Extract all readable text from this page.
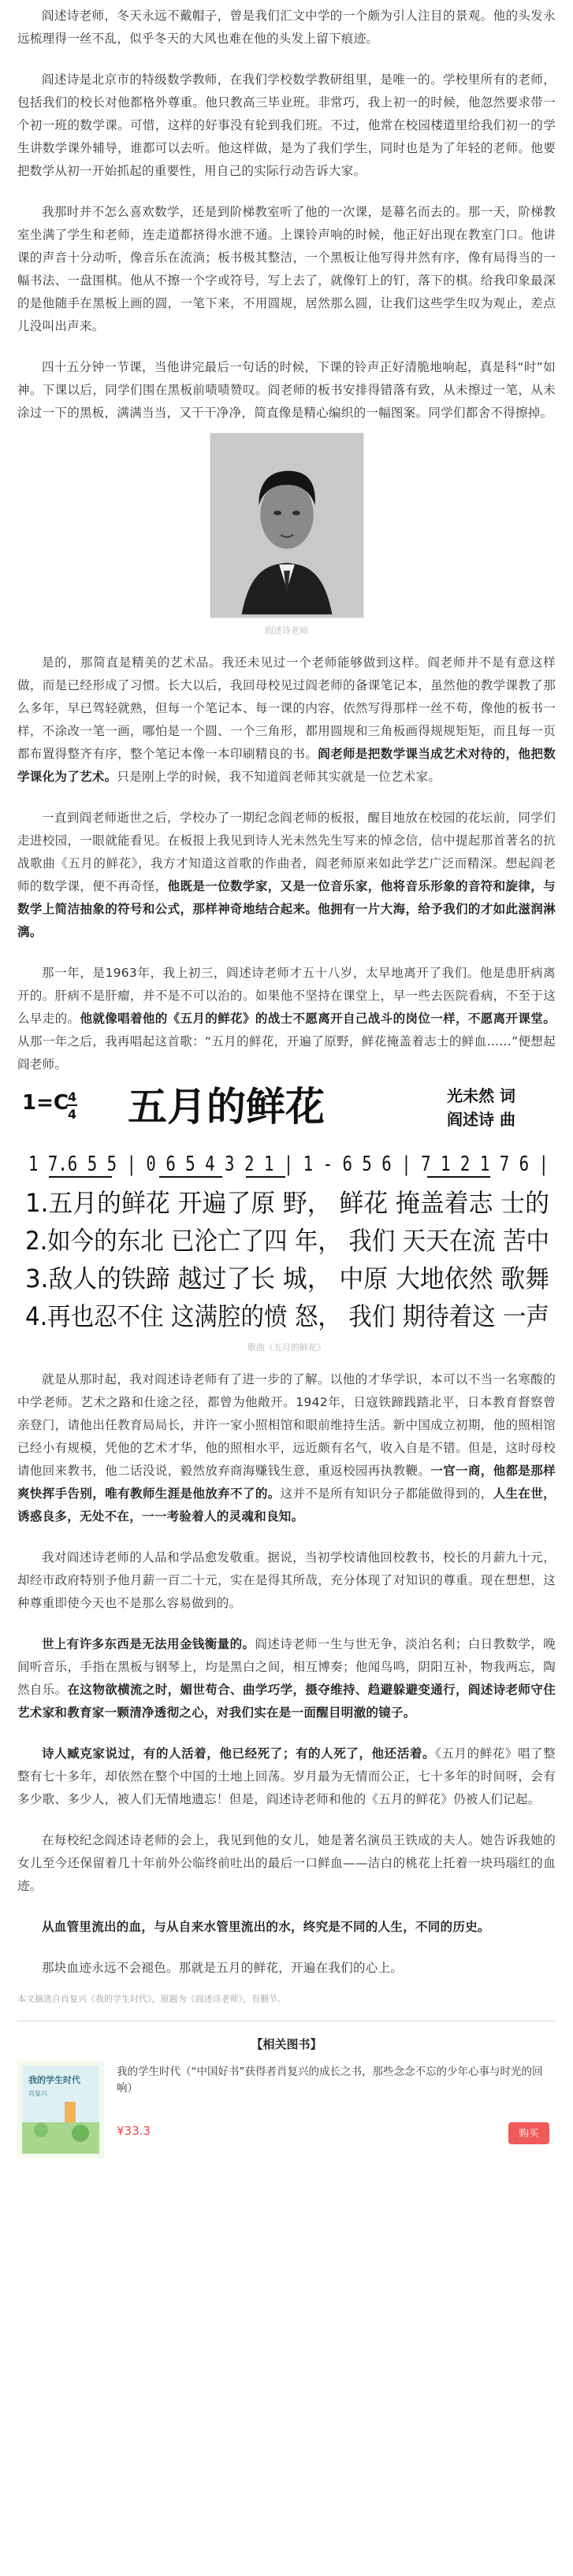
阎述诗老师，冬天永远不戴帽子，曾是我们汇文中学的一个颇为引人注目的景观。他的头发永远梳理得一丝不乱，似乎冬天的大风也难在他的头发上留下痕迹。

阎述诗是北京市的特级数学教师，在我们学校数学教研组里，是唯一的。学校里所有的老师，包括我们的校长对他都格外尊重。他只教高三毕业班。非常巧，我上初一的时候，他忽然要求带一个初一班的数学课。可惜，这样的好事没有轮到我们班。不过，他常在校园楼道里给我们初一的学生讲数学课外辅导，谁都可以去听。他这样做，是为了我们学生，同时也是为了年轻的老师。他要把数学从初一开始抓起的重要性，用自己的实际行动告诉大家。

我那时并不怎么喜欢数学，还是到阶梯教室听了他的一次课，是幕名而去的。那一天，阶梯教室坐满了学生和老师，连走道都挤得水泄不通。上课铃声响的时候，他正好出现在教室门口。他讲课的声音十分动听，像音乐在流淌；板书极其整洁，一个黑板让他写得井然有序，像有局得当的一幅书法、一盘围棋。他从不擦一个字或符号，写上去了，就像钉上的钉，落下的棋。给我印象最深的是他随手在黑板上画的圆，一笔下来，不用圆规，居然那么圆，让我们这些学生叹为观止，差点儿没叫出声来。

四十五分钟一节课，当他讲完最后一句话的时候，下课的铃声正好清脆地响起，真是科“时”如神。下课以后，同学们围在黑板前啧啧赞叹。阎老师的板书安排得错落有致，从未擦过一笔，从未涂过一下的黑板，满满当当，又干干净净，简直像是精心编织的一幅图案。同学们都舍不得擦掉。

阎述诗老师

是的，那简直是精美的艺术品。我还未见过一个老师能够做到这样。阎老师并不是有意这样做，而是已经形成了习惯。长大以后，我回母校见过阎老师的备课笔记本，虽然他的教学课教了那么多年，早已驾轻就熟，但每一个笔记本、每一课的内容，依然写得那样一丝不苟，像他的板书一样，不涂改一笔一画，哪怕是一个圆、一个三角形，都用圆规和三角板画得规规矩矩，而且每一页都布置得整齐有序，整个笔记本像一本印刷精良的书。阎老师是把数学课当成艺术对待的，他把数学课化为了艺术。只是刚上学的时候，我不知道阎老师其实就是一位艺术家。

一直到阎老师逝世之后，学校办了一期纪念阎老师的板报，醒目地放在校园的花坛前，同学们走进校园，一眼就能看见。在板报上我见到诗人光未然先生写来的悼念信，信中提起那首著名的抗战歌曲《五月的鲜花》，我方才知道这首歌的作曲者，阎老师原来如此学艺广泛而精深。想起阎老师的数学课，便不再奇怪，他既是一位数学家，又是一位音乐家，他将音乐形象的音符和旋律，与数学上简洁抽象的符号和公式，那样神奇地结合起来。他拥有一片大海，给予我们的才如此滋润淋漓。

那一年，是1963年，我上初三，阎述诗老师才五十八岁，太早地离开了我们。他是患肝病离开的。肝病不是肝瘤，并不是不可以治的。如果他不坚持在课堂上，早一些去医院看病，不至于这么早走的。他就像唱着他的《五月的鲜花》的战士不愿离开自己战斗的岗位一样，不愿离开课堂。从那一年之后，我再唱起这首歌：“五月的鲜花，开遍了原野，鲜花掩盖着志士的鲜血……”便想起阎老师。

1=C 4
4 五月的鲜花	光未然 词
阎述诗 曲
1 7.6 5 5 | 0 6 5 4 3 2 1 | 1 - 6 5 6 | 7 1 2 1 7 6 |
1.五月的鲜花 开遍了原 野， 鲜花 掩盖着志 士的
2.如今的东北 已沦亡了四 年， 我们 天天在流 苦中
3.敌人的铁蹄 越过了长 城， 中原 大地依然 歌舞
4.再也忍不住 这满腔的愤 怒， 我们 期待着这 一声
歌曲《五月的鲜花》

就是从那时起，我对阎述诗老师有了进一步的了解。以他的才华学识，本可以不当一名寒酸的中学老师。艺术之路和仕途之径，都曾为他敞开。1942年，日寇铁蹄践踏北平，日本教育督察曾亲登门，请他出任教育局局长，并许一家小照相馆和眼前维持生活。新中国成立初期，他的照相馆已经小有规模，凭他的艺术才华，他的照相水平，远近颇有名气，收入自是不错。但是，这时母校请他回来教书，他二话没说，毅然放弃商海赚钱生意，重返校园再执教鞭。一官一商，他都是那样爽快挥手告别，唯有教师生涯是他放弃不了的。这并不是所有知识分子都能做得到的，人生在世，诱惑良多，无处不在，一一考验着人的灵魂和良知。

我对阎述诗老师的人品和学品愈发敬重。据说，当初学校请他回校教书，校长的月薪九十元，却经市政府特别予他月薪一百二十元，实在是得其所哉，充分体现了对知识的尊重。现在想想，这种尊重即使今天也不是那么容易做到的。

世上有许多东西是无法用金钱衡量的。阎述诗老师一生与世无争，淡泊名利；白日教数学，晚间听音乐，手指在黑板与钢琴上，均是黑白之间，相互博奏；他闻鸟鸣，阴阳互补，物我两忘，陶然自乐。在这物欲横流之时，媚世苟合、曲学巧学，摄夺维持、趋避躲避变通行，阎述诗老师守住艺术家和教育家一颗清净透彻之心，对我们实在是一面醒目明澈的镜子。

诗人臧克家说过，有的人活着，他已经死了；有的人死了，他还活着。《五月的鲜花》唱了整整有七十多年，却依然在整个中国的土地上回荡。岁月最为无情而公正，七十多年的时间呀，会有多少歌、多少人，被人们无情地遗忘！但是，阎述诗老师和他的《五月的鲜花》仍被人们记起。

在每校纪念阎述诗老师的会上，我见到他的女儿，她是著名演员王铁成的夫人。她告诉我她的女儿至今还保留着几十年前外公临终前吐出的最后一口鲜血——洁白的桃花上托着一块玛瑙红的血迹。

从血管里流出的血，与从自来水管里流出的水，终究是不同的人生，不同的历史。

那块血迹永远不会褪色。那就是五月的鲜花，开遍在我们的心上。

本文摘选自肖复兴《我的学生时代》，原题为《阎述诗老师》，有删节。
【相关图书】
我的学生时代
肖复兴
我的学生时代（“中国好书”获得者肖复兴的成长之书，那些念念不忘的少年心事与时光的回响）
¥33.3	购买
